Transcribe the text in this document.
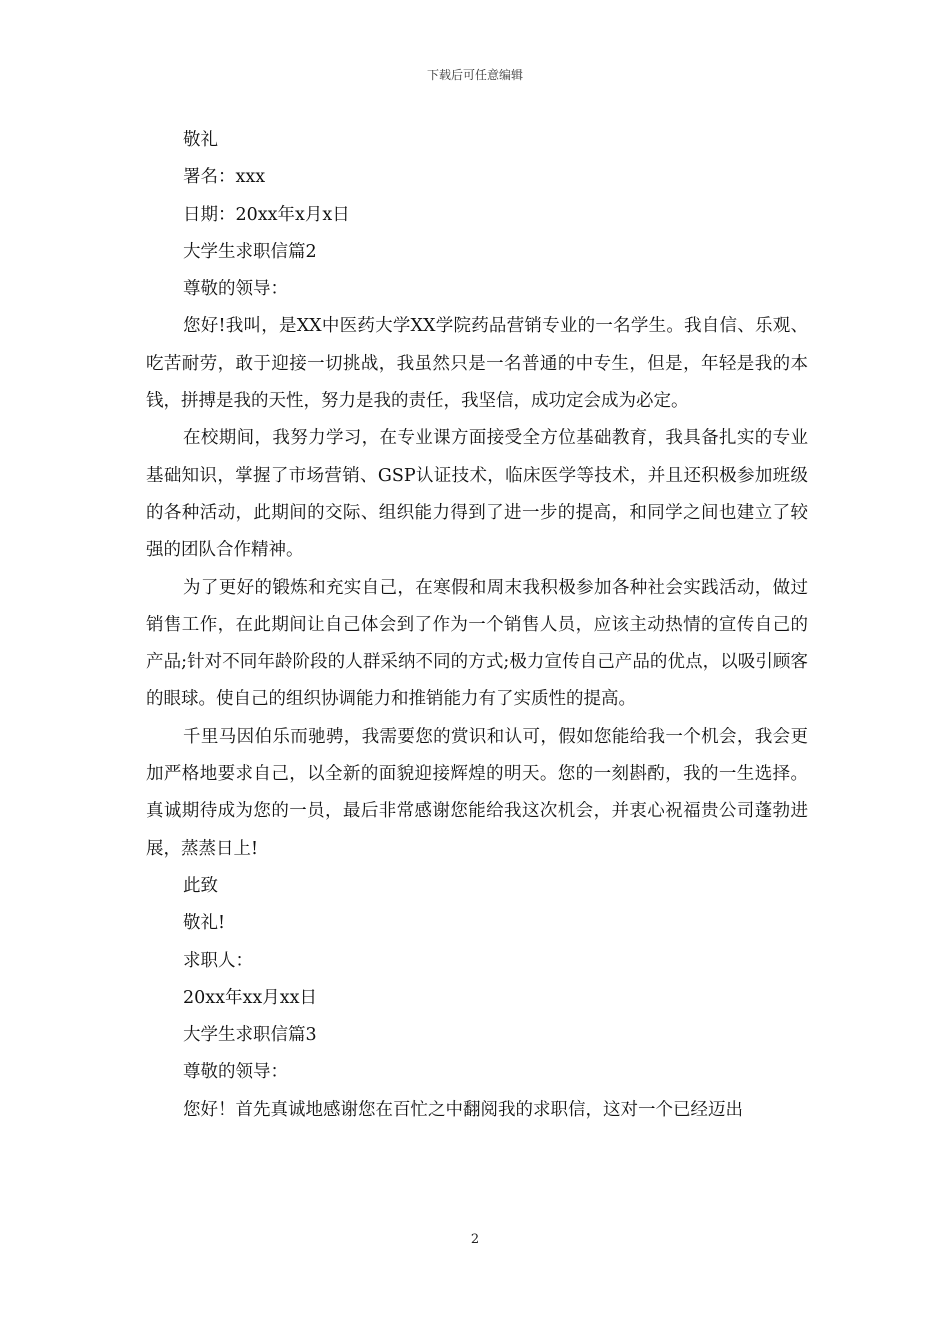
下载后可任意编辑

敬礼

署名：xxx

日期：20xx年x月x日

大学生求职信篇2

尊敬的领导：

您好!我叫，是XX中医药大学XX学院药品营销专业的一名学生。我自信、乐观、吃苦耐劳，敢于迎接一切挑战，我虽然只是一名普通的中专生，但是，年轻是我的本钱，拼搏是我的天性，努力是我的责任，我坚信，成功定会成为必定。

在校期间，我努力学习，在专业课方面接受全方位基础教育，我具备扎实的专业基础知识，掌握了市场营销、GSP认证技术，临床医学等技术，并且还积极参加班级的各种活动，此期间的交际、组织能力得到了进一步的提高，和同学之间也建立了较强的团队合作精神。

为了更好的锻炼和充实自己，在寒假和周末我积极参加各种社会实践活动，做过销售工作，在此期间让自己体会到了作为一个销售人员，应该主动热情的宣传自己的产品;针对不同年龄阶段的人群采纳不同的方式;极力宣传自己产品的优点，以吸引顾客的眼球。使自己的组织协调能力和推销能力有了实质性的提高。

千里马因伯乐而驰骋，我需要您的赏识和认可，假如您能给我一个机会，我会更加严格地要求自己，以全新的面貌迎接辉煌的明天。您的一刻斟酌，我的一生选择。真诚期待成为您的一员，最后非常感谢您能给我这次机会，并衷心祝福贵公司蓬勃进展，蒸蒸日上!

此致

敬礼!

求职人：

20xx年xx月xx日

大学生求职信篇3

尊敬的领导：

您好！首先真诚地感谢您在百忙之中翻阅我的求职信，这对一个已经迈出

2
